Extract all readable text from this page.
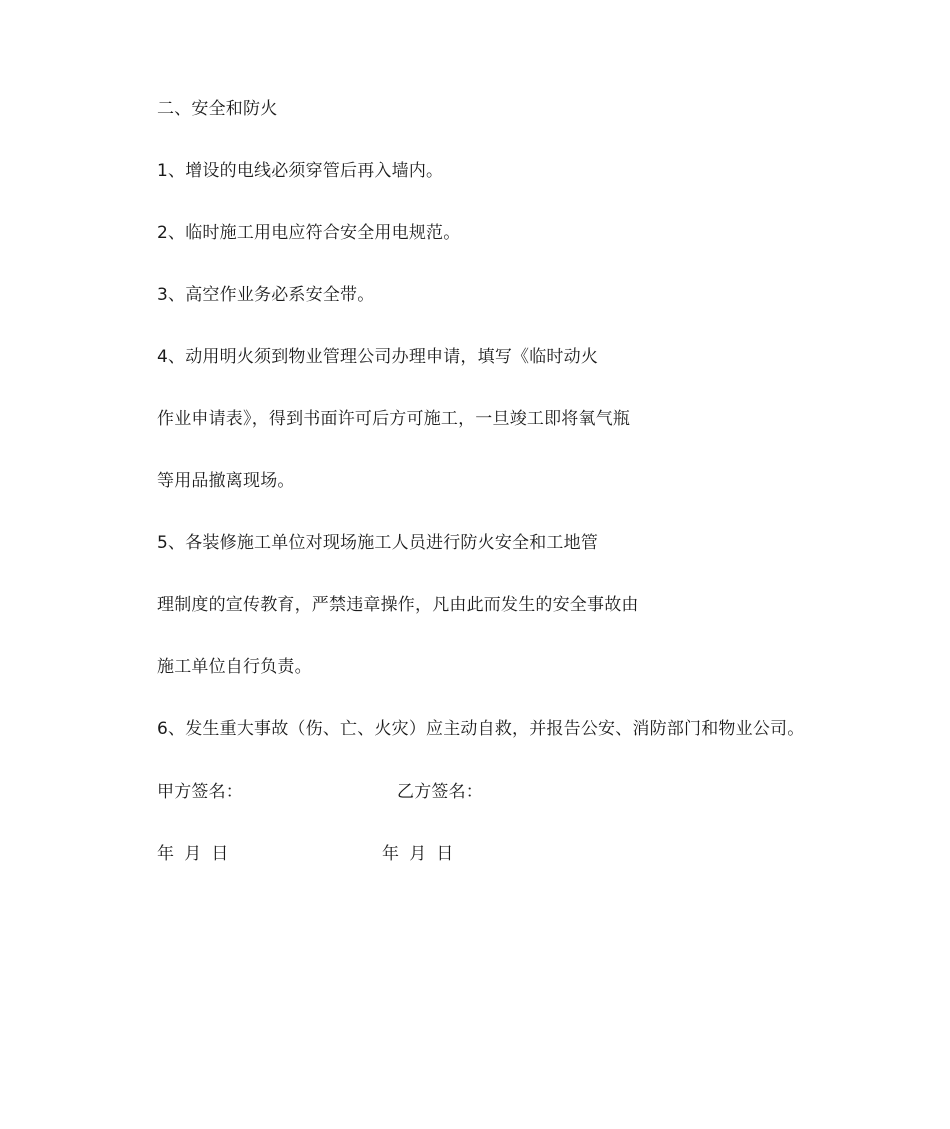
二、安全和防火
1、增设的电线必须穿管后再入墙内。
2、临时施工用电应符合安全用电规范。
3、高空作业务必系安全带。
4、动用明火须到物业管理公司办理申请，填写《临时动火
作业申请表》，得到书面许可后方可施工，一旦竣工即将氧气瓶
等用品撤离现场。
5、各装修施工单位对现场施工人员进行防火安全和工地管
理制度的宣传教育，严禁违章操作，凡由此而发生的安全事故由
施工单位自行负责。
6、发生重大事故（伤、亡、火灾）应主动自救，并报告公安、消防部门和物业公司。
甲方签名：	乙方签名：
年 月 日	年 月 日
